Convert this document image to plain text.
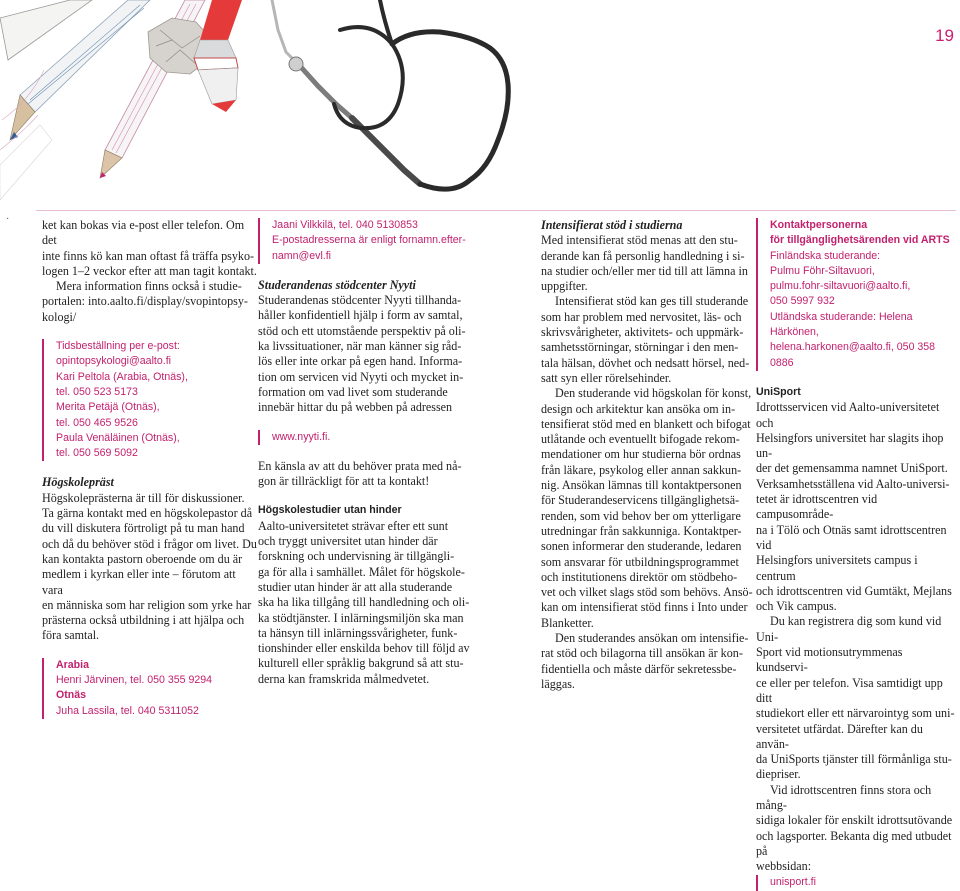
19
·	ket kan bokas via e-post eller telefon. Om det
inte finns kö kan man oftast få träffa psyko-
logen 1–2 veckor efter att man tagit kontakt.

Mera information finns också i studie-
portalen: into.aalto.fi/display/svopintopsy-
kologi/

Tidsbeställning per e-post:
opintopsykologi@aalto.fi
Kari Peltola (Arabia, Otnäs),
tel. 050 523 5173
Merita Petäjä (Otnäs),
tel. 050 465 9526
Paula Venäläinen (Otnäs),
tel. 050 569 5092

Högskolepräst

Högskoleprästerna är till för diskussioner.
Ta gärna kontakt med en högskolepastor då
du vill diskutera förtroligt på tu man hand
och då du behöver stöd i frågor om livet. Du
kan kontakta pastorn oberoende om du är
medlem i kyrkan eller inte – förutom att vara
en människa som har religion som yrke har
prästerna också utbildning i att hjälpa och
föra samtal.

Arabia

Henri Järvinen, tel. 050 355 9294

Otnäs

Juha Lassila, tel. 040 5311052

Jaani Vilkkilä, tel. 040 5130853
E-postadresserna är enligt fornamn.efter-
namn@evl.fi

Studerandenas stödcenter Nyyti

Studerandenas stödcenter Nyyti tillhanda-
håller konfidentiell hjälp i form av samtal,
stöd och ett utomstående perspektiv på oli-
ka livssituationer, när man känner sig råd-
lös eller inte orkar på egen hand. Informa-
tion om servicen vid Nyyti och mycket in-
formation om vad livet som studerande
innebär hittar du på webben på adressen

www.nyyti.fi.

En känsla av att du behöver prata med nå-
gon är tillräckligt för att ta kontakt!

Högskolestudier utan hinder

Aalto-universitetet strävar efter ett sunt
och tryggt universitet utan hinder där
forskning och undervisning är tillgängli-
ga för alla i samhället. Målet för högskole-
studier utan hinder är att alla studerande
ska ha lika tillgång till handledning och oli-
ka stödtjänster. I inlärningsmiljön ska man
ta hänsyn till inlärningssvårigheter, funk-
tionshinder eller enskilda behov till följd av
kulturell eller språklig bakgrund så att stu-
derna kan framskrida målmedvetet.

Intensifierat stöd i studierna

Med intensifierat stöd menas att den stu-
derande kan få personlig handledning i si-
na studier och/eller mer tid till att lämna in
uppgifter.

Intensifierat stöd kan ges till studerande
som har problem med nervositet, läs- och
skrivsvårigheter, aktivitets- och uppmärk-
samhetsstörningar, störningar i den men-
tala hälsan, dövhet och nedsatt hörsel, ned-
satt syn eller rörelsehinder.

Den studerande vid högskolan för konst,
design och arkitektur kan ansöka om in-
tensifierat stöd med en blankett och bifogat
utlåtande och eventuellt bifogade rekom-
mendationer om hur studierna bör ordnas
från läkare, psykolog eller annan sakkun-
nig. Ansökan lämnas till kontaktpersonen
för Studerandeservicens tillgänglighetsä-
renden, som vid behov ber om ytterligare
utredningar från sakkunniga. Kontaktper-
sonen informerar den studerande, ledaren
som ansvarar för utbildningsprogrammet
och institutionens direktör om stödbeho-
vet och vilket slags stöd som behövs. Ansö-
kan om intensifierat stöd finns i Into under
Blanketter.

Den studerandes ansökan om intensifie-
rat stöd och bilagorna till ansökan är kon-
fidentiella och måste därför sekretessbe-
läggas.

Kontaktpersonerna
för tillgänglighetsärenden vid ARTS

Finländska studerande:
Pulmu Föhr-Siltavuori,
pulmu.fohr-siltavuori@aalto.fi,
050 5997 932
Utländska studerande: Helena Härkönen,
helena.harkonen@aalto.fi, 050 358 0886

UniSport

Idrottsservicen vid Aalto-universitetet och
Helsingfors universitet har slagits ihop un-
der det gemensamma namnet UniSport.
Verksamhetsställena vid Aalto-universi-
tetet är idrottscentren vid campusområde-
na i Tölö och Otnäs samt idrottscentren vid
Helsingfors universitets campus i centrum
och idrottscentren vid Gumtäkt, Mejlans
och Vik campus.

Du kan registrera dig som kund vid Uni-
Sport vid motionsutrymmenas kundservi-
ce eller per telefon. Visa samtidigt upp ditt
studiekort eller ett närvarointyg som uni-
versitetet utfärdat. Därefter kan du använ-
da UniSports tjänster till förmånliga stu-
diepriser.

Vid idrottscentren finns stora och mång-
sidiga lokaler för enskilt idrottsutövande
och lagsporter. Bekanta dig med utbudet på
webbsidan:

unisport.fi
